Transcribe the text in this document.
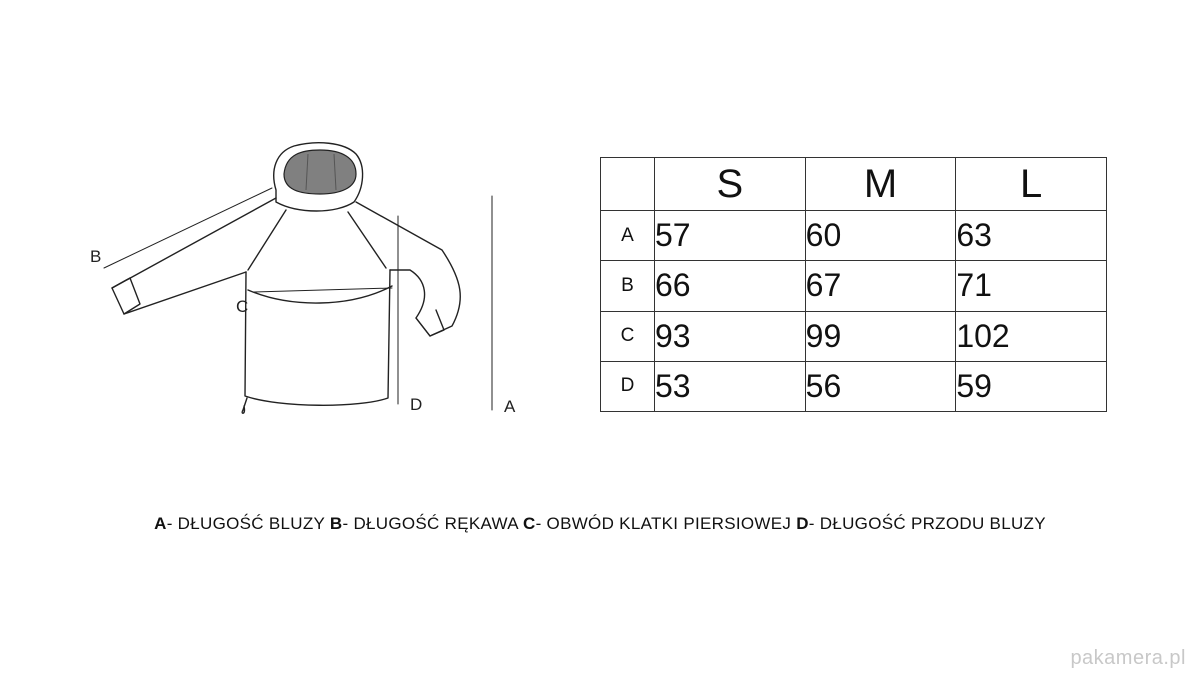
B
C
D	A
	S	M	L
A	57	60	63
B	66	67	71
C	93	99	102
D	53	56	59
A- DŁUGOŚĆ BLUZY B- DŁUGOŚĆ RĘKAWA C- OBWÓD KLATKI PIERSIOWEJ D- DŁUGOŚĆ PRZODU BLUZY
pakamera.pl
